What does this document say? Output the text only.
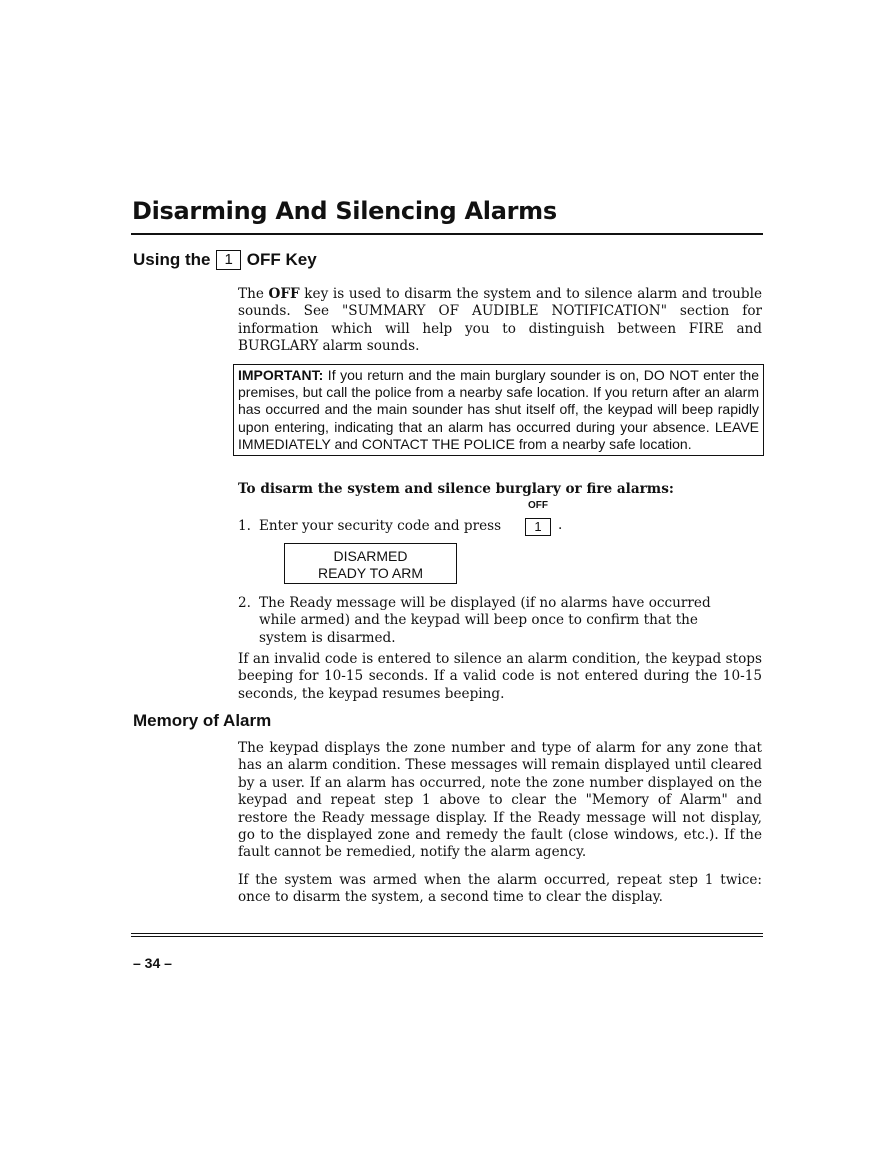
Disarming And Silencing Alarms
Using the 1 OFF Key

The OFF key is used to disarm the system and to silence alarm and trouble sounds. See "SUMMARY OF AUDIBLE NOTIFICATION" section for information which will help you to distinguish between FIRE and BURGLARY alarm sounds.

IMPORTANT: If you return and the main burglary sounder is on, DO NOT enter the premises, but call the police from a nearby safe location. If you return after an alarm has occurred and the main sounder has shut itself off, the keypad will beep rapidly upon entering, indicating that an alarm has occurred during your absence. LEAVE IMMEDIATELY and CONTACT THE POLICE from a nearby safe location.
To disarm the system and silence burglary or fire alarms:
OFF
1. Enter your security code and press	1	.
DISARMED
READY TO ARM
2. The Ready message will be displayed (if no alarms have occurred while armed) and the keypad will beep once to confirm that the system is disarmed.

If an invalid code is entered to silence an alarm condition, the keypad stops beeping for 10-15 seconds. If a valid code is not entered during the 10-15 seconds, the keypad resumes beeping.

Memory of Alarm

The keypad displays the zone number and type of alarm for any zone that has an alarm condition. These messages will remain displayed until cleared by a user. If an alarm has occurred, note the zone number displayed on the keypad and repeat step 1 above to clear the "Memory of Alarm" and restore the Ready message display. If the Ready message will not display, go to the displayed zone and remedy the fault (close windows, etc.). If the fault cannot be remedied, notify the alarm agency.

If the system was armed when the alarm occurred, repeat step 1 twice: once to disarm the system, a second time to clear the display.

– 34 –
